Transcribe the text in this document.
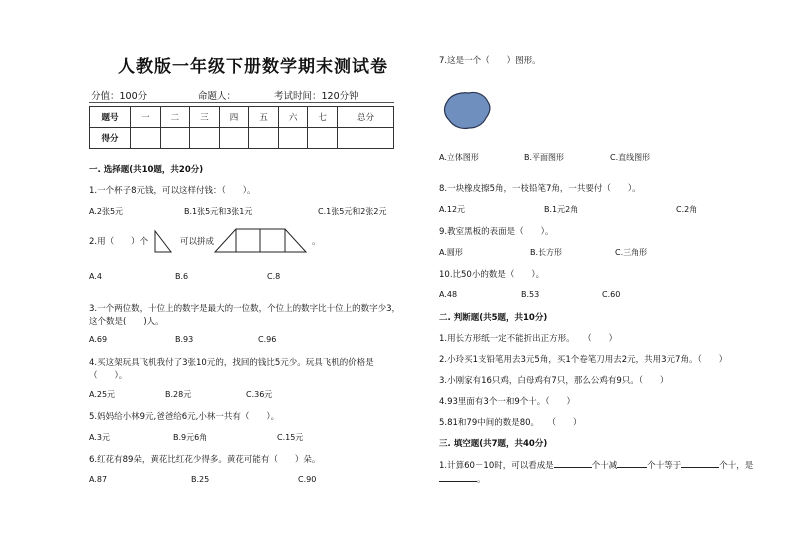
人教版一年级下册数学期末测试卷
分值：100分	命题人：	考试时间：120分钟
题号	一	二	三	四	五	六	七	总分
得分								
一. 选择题(共10题，共20分)
1.一个杯子8元钱，可以这样付钱：（　　）。
A.2张5元	B.1张5元和3张1元	C.1张5元和2张2元
2.用（　　）个	可以拼成	。
A.4	B.6	C.8
3.一个两位数，十位上的数字是最大的一位数，个位上的数字比十位上的数字少3，
这个数是(　　)人。
A.69	B.93	C.96
4.买这架玩具飞机我付了3张10元的，找回的钱比5元少。玩具飞机的价格是
（　　）。
A.25元	B.28元	C.36元
5.妈妈给小林9元,爸爸给6元,小林一共有（　　）。
A.3元	B.9元6角	C.15元
6.红花有89朵，黄花比红花少得多。黄花可能有（　　）朵。
A.87	B.25	C.90
7.这是一个（　　）图形。
A.立体图形	B.平面图形	C.直线图形
8.一块橡皮擦5角，一枝铅笔7角，一共要付（　　）。
A.12元	B.1元2角	C.2角
9.教室黑板的表面是（　　）。
A.圆形	B.长方形	C.三角形
10.比50小的数是（　　）。
A.48	B.53	C.60
二. 判断题(共5题，共10分)
1.用长方形纸一定不能折出正方形。　　（　　）
2.小玲买1支铅笔用去3元5角，买1个卷笔刀用去2元，共用3元7角。（　　）
3.小刚家有16只鸡，白母鸡有7只，那么公鸡有9只。（　　）
4.93里面有3个一和9个十。（　　）
5.81和79中间的数是80。　　（　　）
三. 填空题(共7题，共40分)
1.计算60－10时，可以看成是	个十减	个十等于	个十，是
。
